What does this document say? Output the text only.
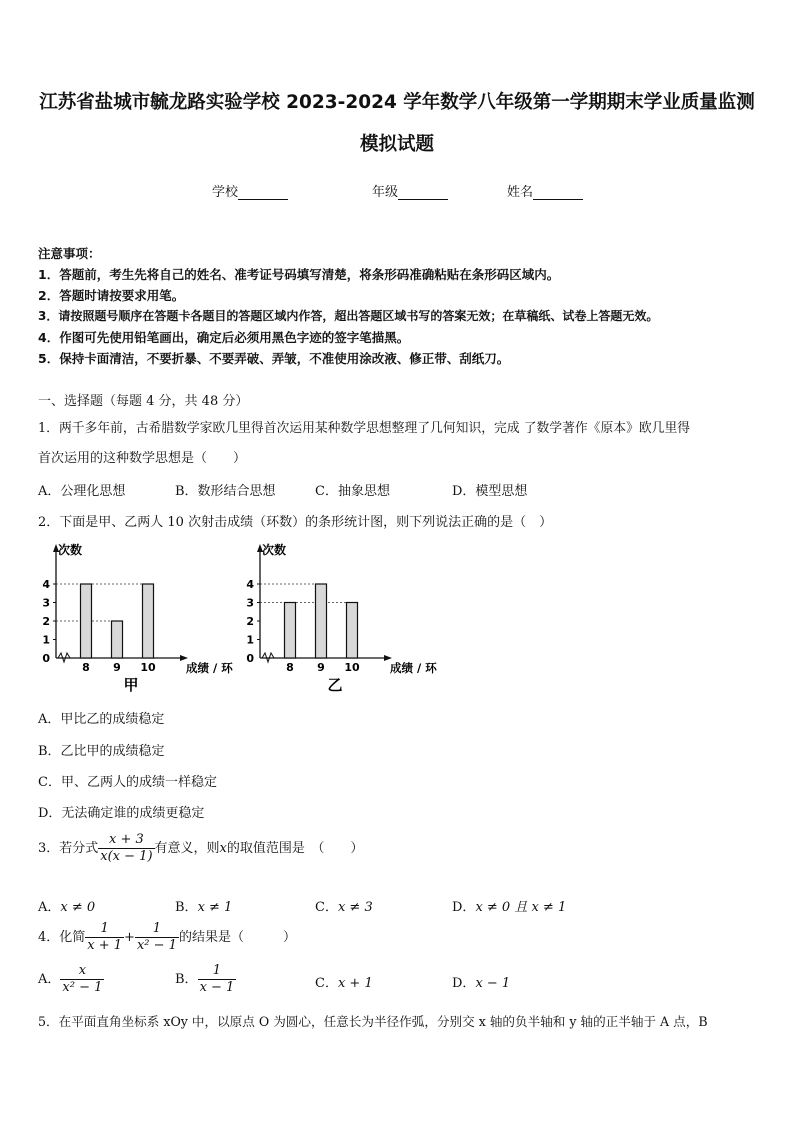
江苏省盐城市毓龙路实验学校 2023-2024 学年数学八年级第一学期期末学业质量监测
模拟试题
学校	年级	姓名
注意事项：
1．答题前，考生先将自己的姓名、准考证号码填写清楚，将条形码准确粘贴在条形码区域内。
2．答题时请按要求用笔。
3．请按照题号顺序在答题卡各题目的答题区域内作答，超出答题区域书写的答案无效；在草稿纸、试卷上答题无效。
4．作图可先使用铅笔画出，确定后必须用黑色字迹的签字笔描黑。
5．保持卡面清洁，不要折暴、不要弄破、弄皱，不准使用涂改液、修正带、刮纸刀。
一、选择题（每题 4 分，共 48 分）
1．两千多年前，古希腊数学家欧几里得首次运用某种数学思想整理了几何知识，完成 了数学著作《原本》欧几里得
首次运用的这种数学思想是（　　）
A．公理化思想	B．数形结合思想	C．抽象思想	D．模型思想
2．下面是甲、乙两人 10 次射击成绩（环数）的条形统计图，则下列说法正确的是（　）
次数
0
1
2
3
4
8 9 10	成绩 / 环
甲
次数
0
1
2
3
4
8 9 10	成绩 / 环
乙
A．甲比乙的成绩稳定
B．乙比甲的成绩稳定
C．甲、乙两人的成绩一样稳定
D．无法确定谁的成绩更稳定
3．若分式 $\frac{x + 3}{x(x - 1)}$ 有意义，则x的取值范围是　（　　）
A．x ≠ 0	B．x ≠ 1	C．x ≠ 3	D．x ≠ 0 且 x ≠ 1
4．化简 $\frac{1}{x + 1} + \frac{1}{\text{x² − 1}}$ 的结果是（　　　）
A． $\frac{x}{\text{x² − 1}}$	B． $\frac{1}{x - 1}$	C．x + 1	D．x − 1
5．在平面直角坐标系 xOy 中，以原点 O 为圆心，任意长为半径作弧，分别交 x 轴的负半轴和 y 轴的正半轴于 A 点，B
